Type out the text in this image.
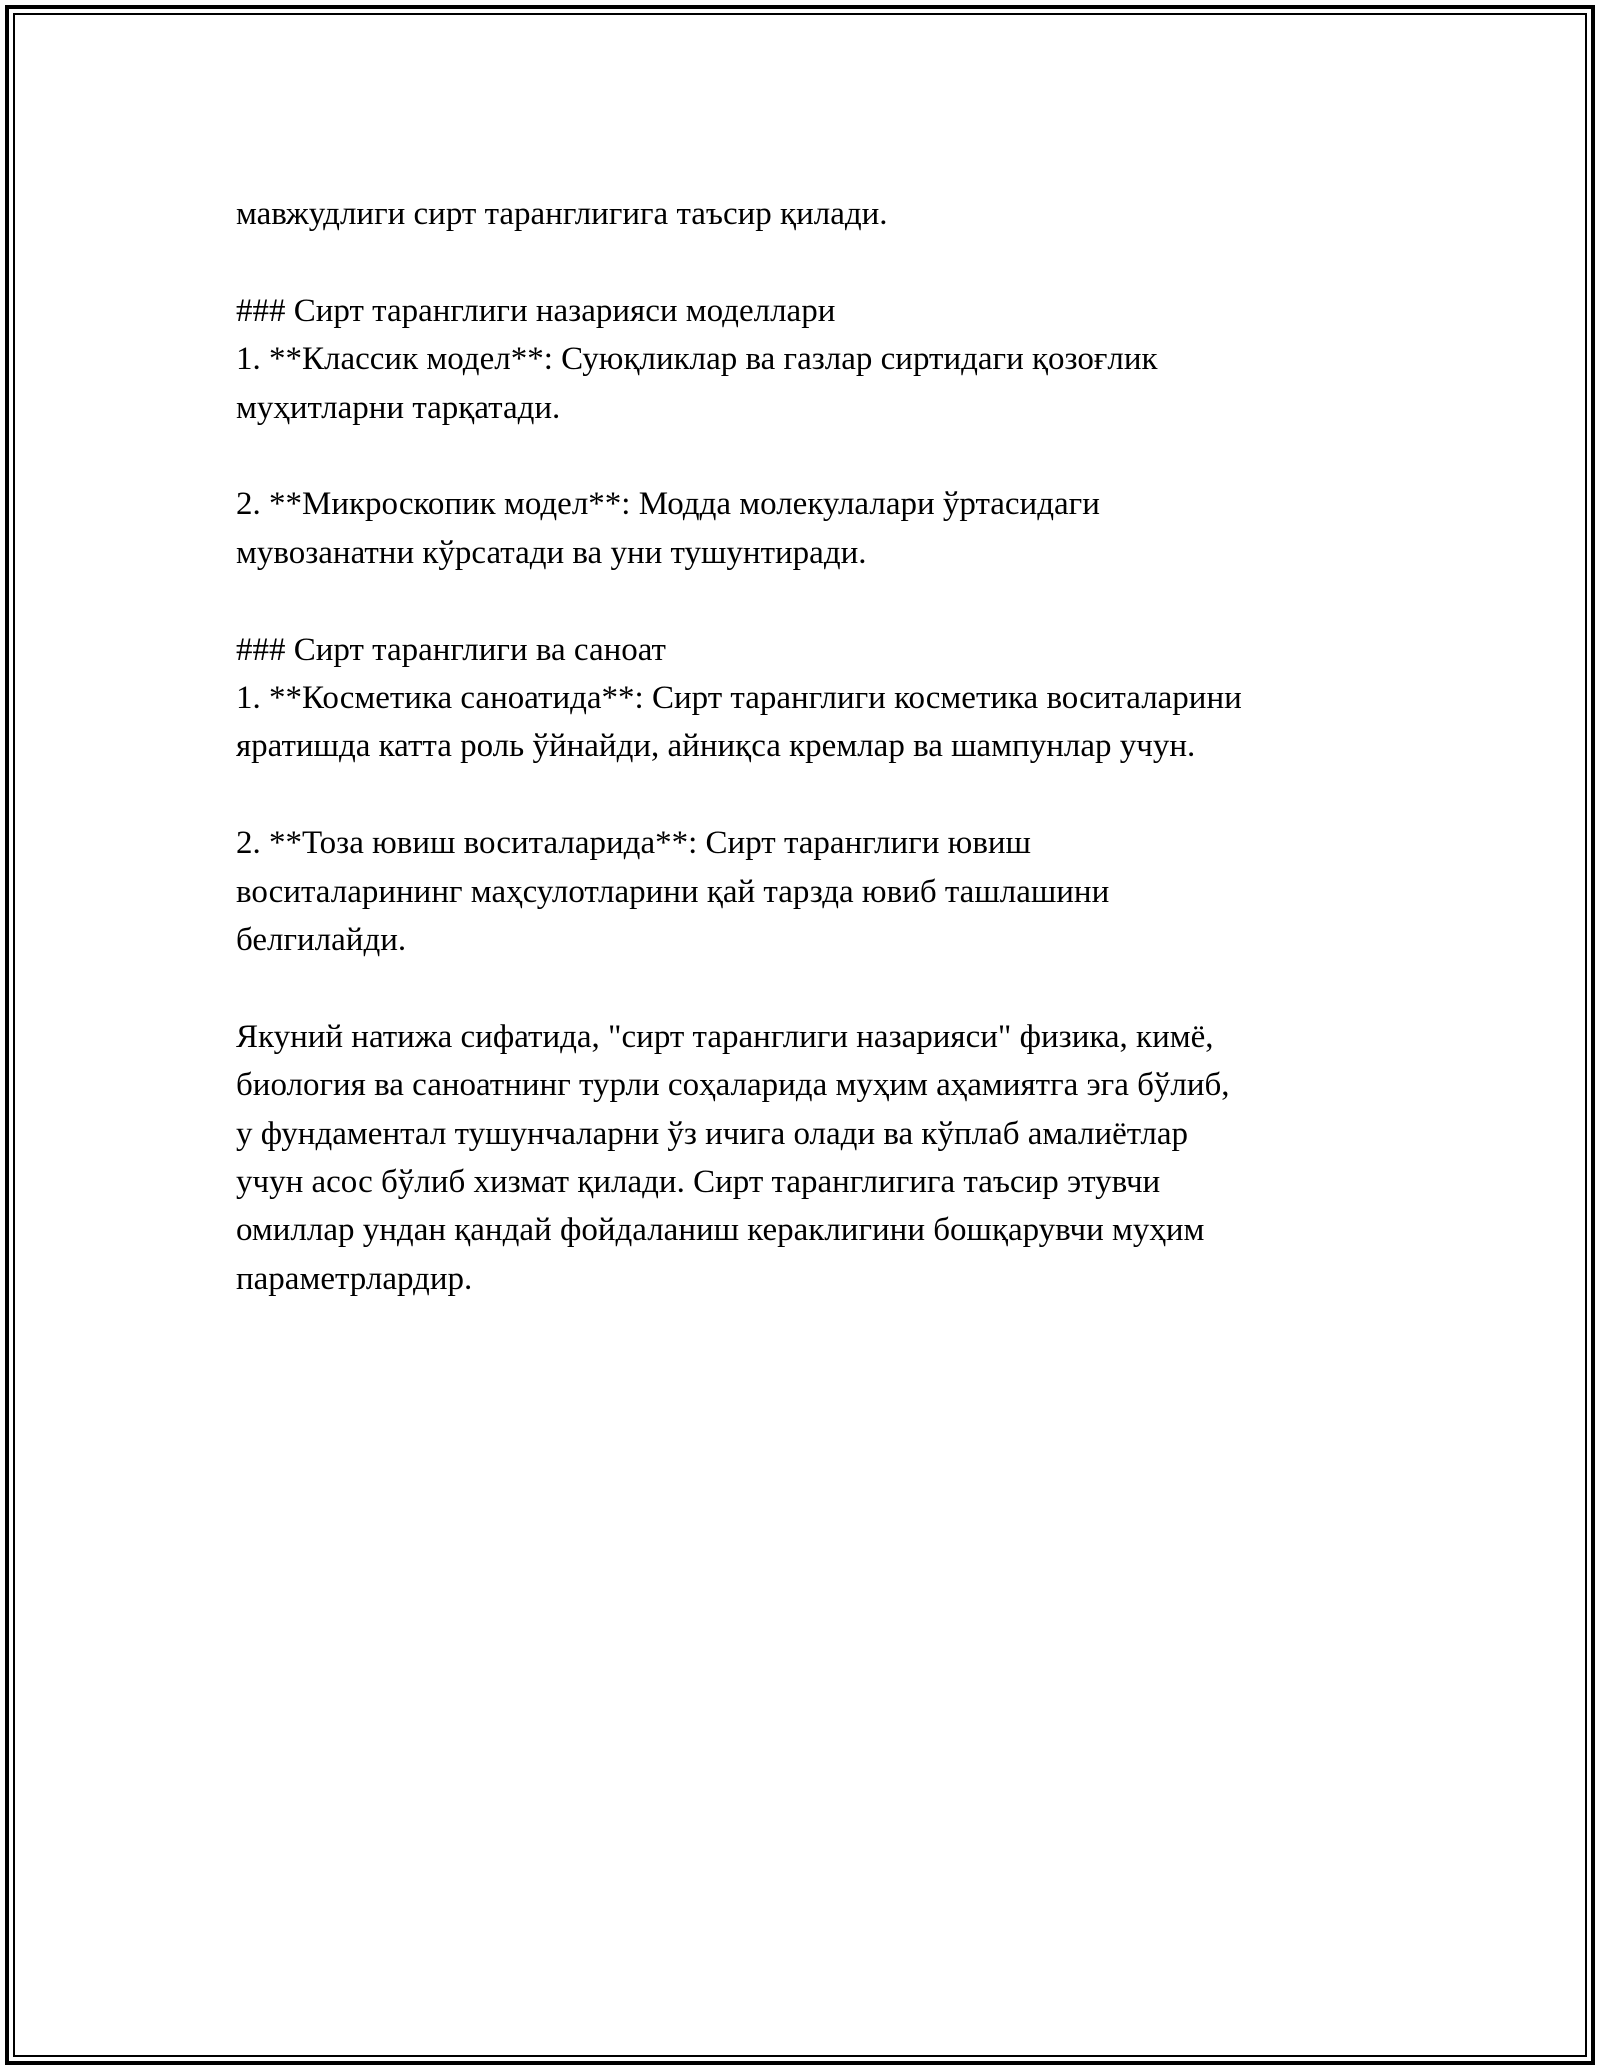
мавжудлиги сирт таранглигига таъсир қилади.

### Сирт таранглиги назарияси моделлари
1. **Классик модел**: Суюқликлар ва газлар сиртидаги қозоғлик
муҳитларни тарқатади.

2. **Микроскопик модел**: Модда молекулалари ўртасидаги
мувозанатни кўрсатади ва уни тушунтиради.

### Сирт таранглиги ва саноат
1. **Косметика саноатида**: Сирт таранглиги косметика воситаларини
яратишда катта роль ўйнайди, айниқса кремлар ва шампунлар учун.

2. **Тоза ювиш воситаларида**: Сирт таранглиги ювиш
воситаларининг маҳсулотларини қай тарзда ювиб ташлашини
белгилайди.

Якуний натижа сифатида, "сирт таранглиги назарияси" физика, кимё,
биология ва саноатнинг турли соҳаларида муҳим аҳамиятга эга бўлиб,
у фундаментал тушунчаларни ўз ичига олади ва кўплаб амалиётлар
учун асос бўлиб хизмат қилади. Сирт таранглигига таъсир этувчи
омиллар ундан қандай фойдаланиш кераклигини бошқарувчи муҳим
параметрлардир.
